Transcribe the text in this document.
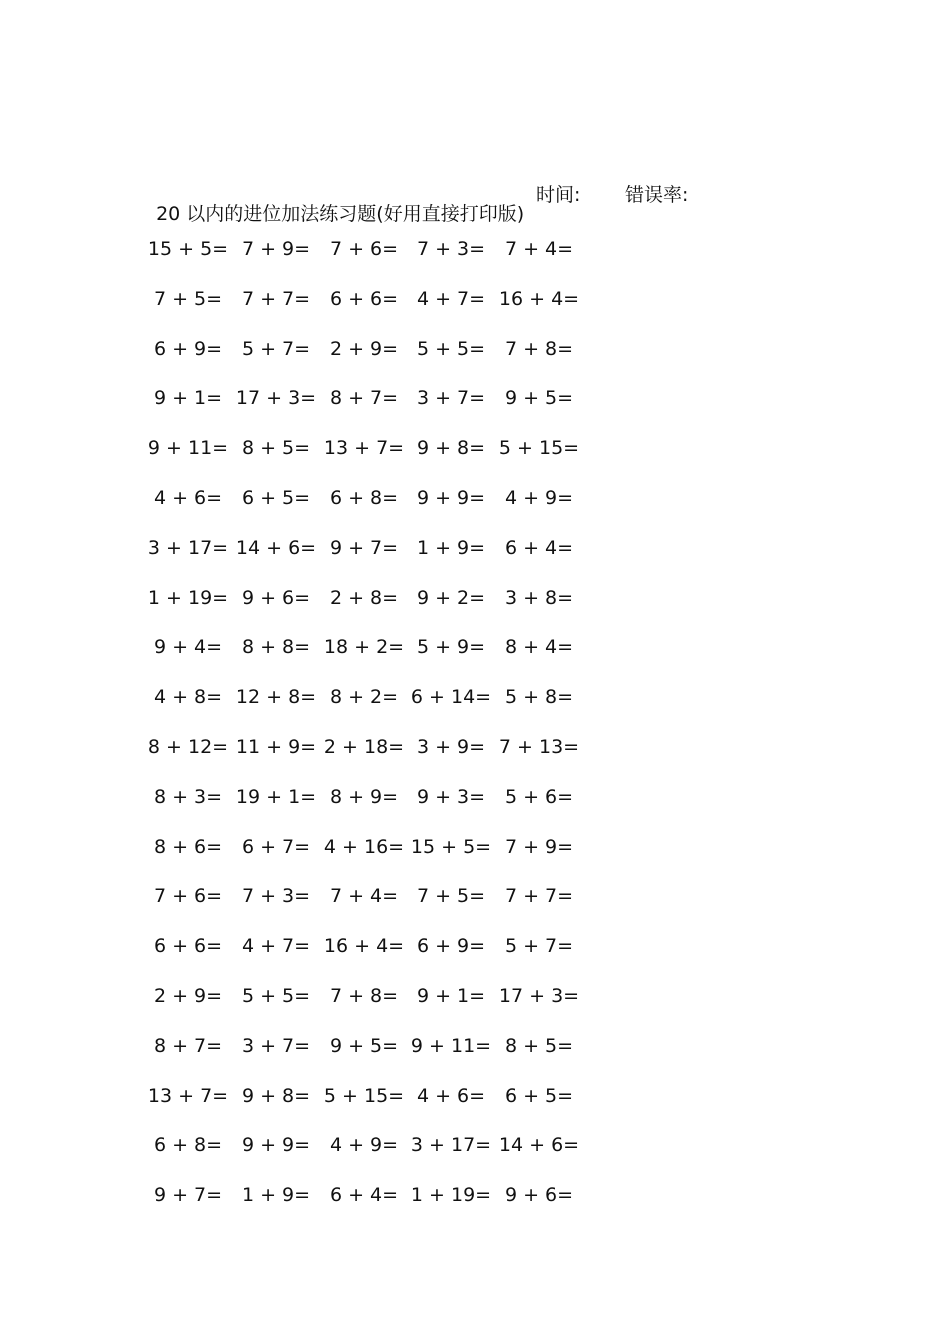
20 以内的进位加法练习题(好用直接打印版)

时间:

错误率:

15 + 5= 7 + 9= 7 + 6= 7 + 3= 7 + 4=
7 + 5= 7 + 7= 6 + 6= 4 + 7= 16 + 4=
6 + 9= 5 + 7= 2 + 9= 5 + 5= 7 + 8=
9 + 1= 17 + 3= 8 + 7= 3 + 7= 9 + 5=
9 + 11= 8 + 5= 13 + 7= 9 + 8= 5 + 15=
4 + 6= 6 + 5= 6 + 8= 9 + 9= 4 + 9=
3 + 17= 14 + 6= 9 + 7= 1 + 9= 6 + 4=
1 + 19= 9 + 6= 2 + 8= 9 + 2= 3 + 8=
9 + 4= 8 + 8= 18 + 2= 5 + 9= 8 + 4=
4 + 8= 12 + 8= 8 + 2= 6 + 14= 5 + 8=
8 + 12= 11 + 9= 2 + 18= 3 + 9= 7 + 13=
8 + 3= 19 + 1= 8 + 9= 9 + 3= 5 + 6=
8 + 6= 6 + 7= 4 + 16= 15 + 5= 7 + 9=
7 + 6= 7 + 3= 7 + 4= 7 + 5= 7 + 7=
6 + 6= 4 + 7= 16 + 4= 6 + 9= 5 + 7=
2 + 9= 5 + 5= 7 + 8= 9 + 1= 17 + 3=
8 + 7= 3 + 7= 9 + 5= 9 + 11= 8 + 5=
13 + 7= 9 + 8= 5 + 15= 4 + 6= 6 + 5=
6 + 8= 9 + 9= 4 + 9= 3 + 17= 14 + 6=
9 + 7= 1 + 9= 6 + 4= 1 + 19= 9 + 6=
